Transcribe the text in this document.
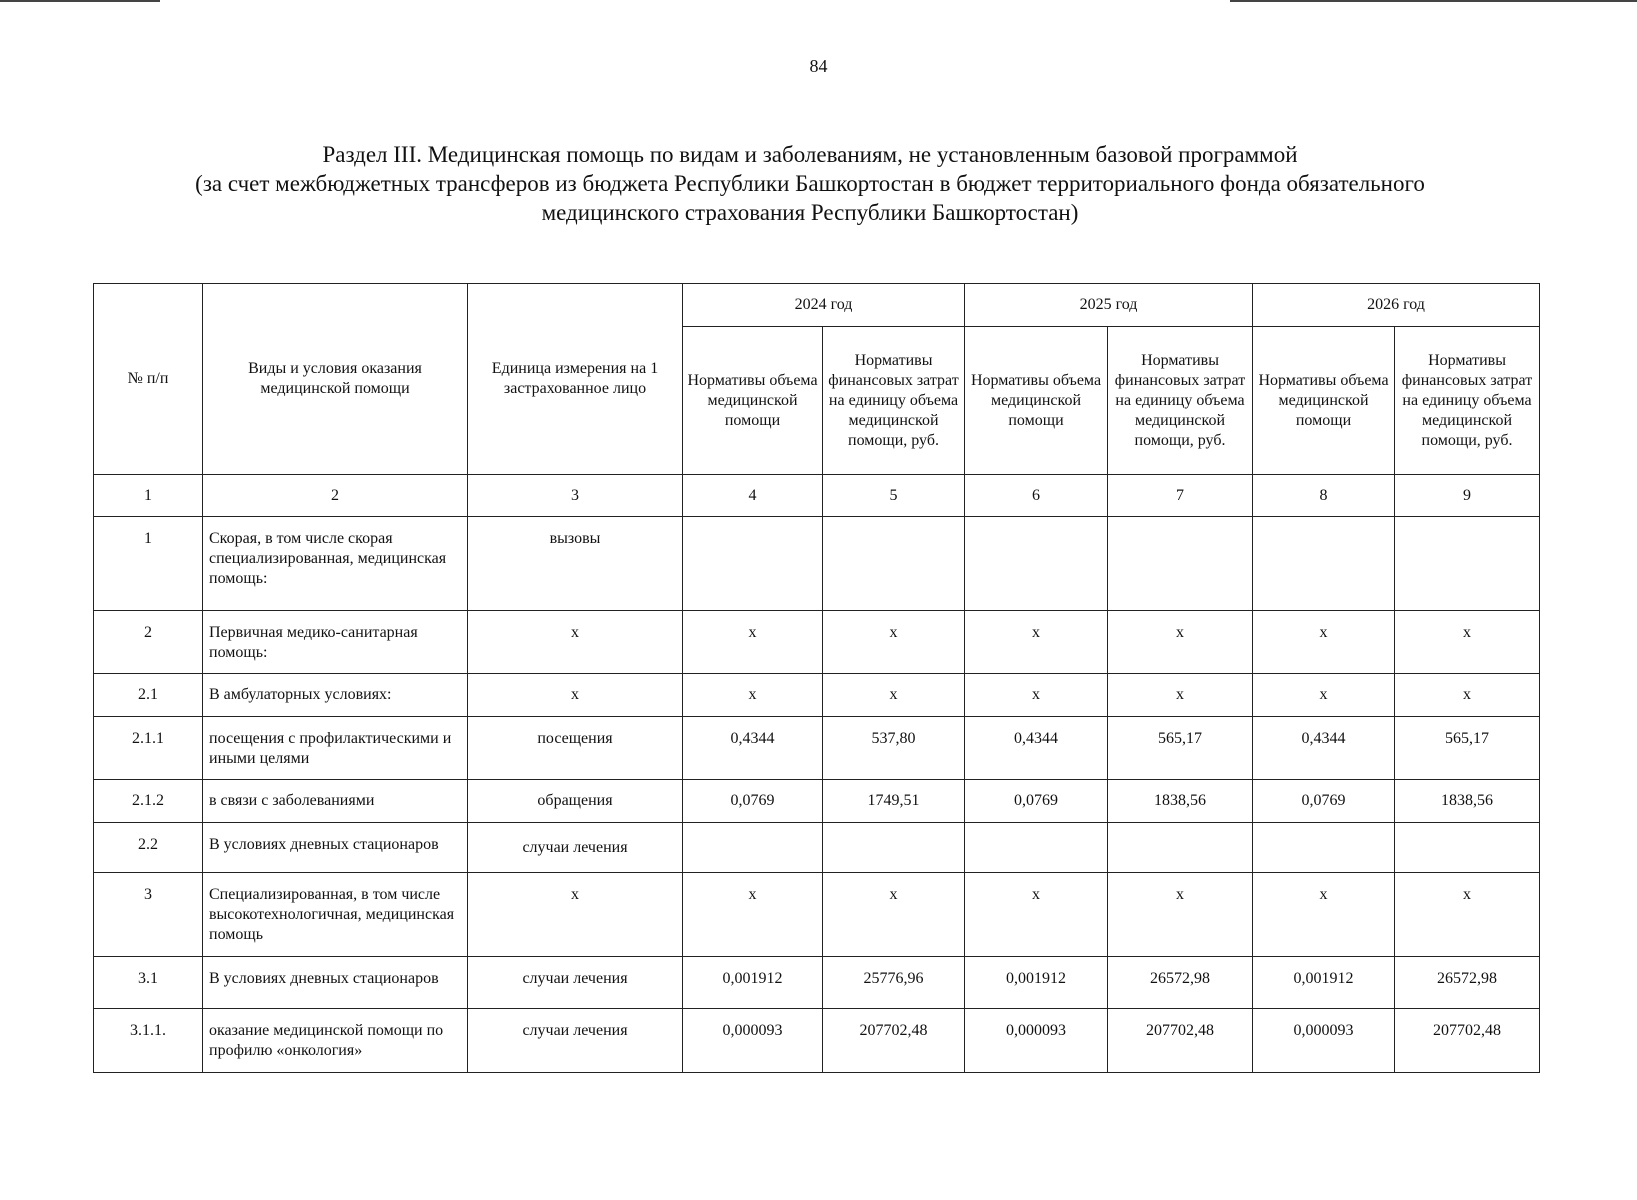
84
Раздел III. Медицинская помощь по видам и заболеваниям, не установленным базовой программой
(за счет межбюджетных трансферов из бюджета Республики Башкортостан в бюджет территориального фонда обязательного
медицинского страхования Республики Башкортостан)
№ п/п	Виды и условия оказания медицинской помощи	Единица измерения на 1 застрахованное лицо	2024 год		2025 год		2026 год	
			Нормативы объема медицинской помощи	Нормативы финансовых затрат на единицу объема медицинской помощи, руб.	Нормативы объема медицинской помощи	Нормативы финансовых затрат на единицу объема медицинской помощи, руб.	Нормативы объема медицинской помощи	Нормативы финансовых затрат на единицу объема медицинской помощи, руб.
1	2	3	4	5	6	7	8	9
1	Скорая, в том числе скорая специализированная, медицинская помощь:	вызовы						
2	Первичная медико-санитарная помощь:	х	х	х	х	х	х	х
2.1	В амбулаторных условиях:	х	х	х	х	х	х	х
2.1.1	посещения с профилактическими и иными целями	посещения	0,4344	537,80	0,4344	565,17	0,4344	565,17
2.1.2	в связи с заболеваниями	обращения	0,0769	1749,51	0,0769	1838,56	0,0769	1838,56
2.2	В условиях дневных стационаров	случаи лечения						
3	Специализированная, в том числе высокотехнологичная, медицинская помощь	х	х	х	х	х	х	х
3.1	В условиях дневных стационаров	случаи лечения	0,001912	25776,96	0,001912	26572,98	0,001912	26572,98
3.1.1.	оказание медицинской помощи по профилю «онкология»	случаи лечения	0,000093	207702,48	0,000093	207702,48	0,000093	207702,48
